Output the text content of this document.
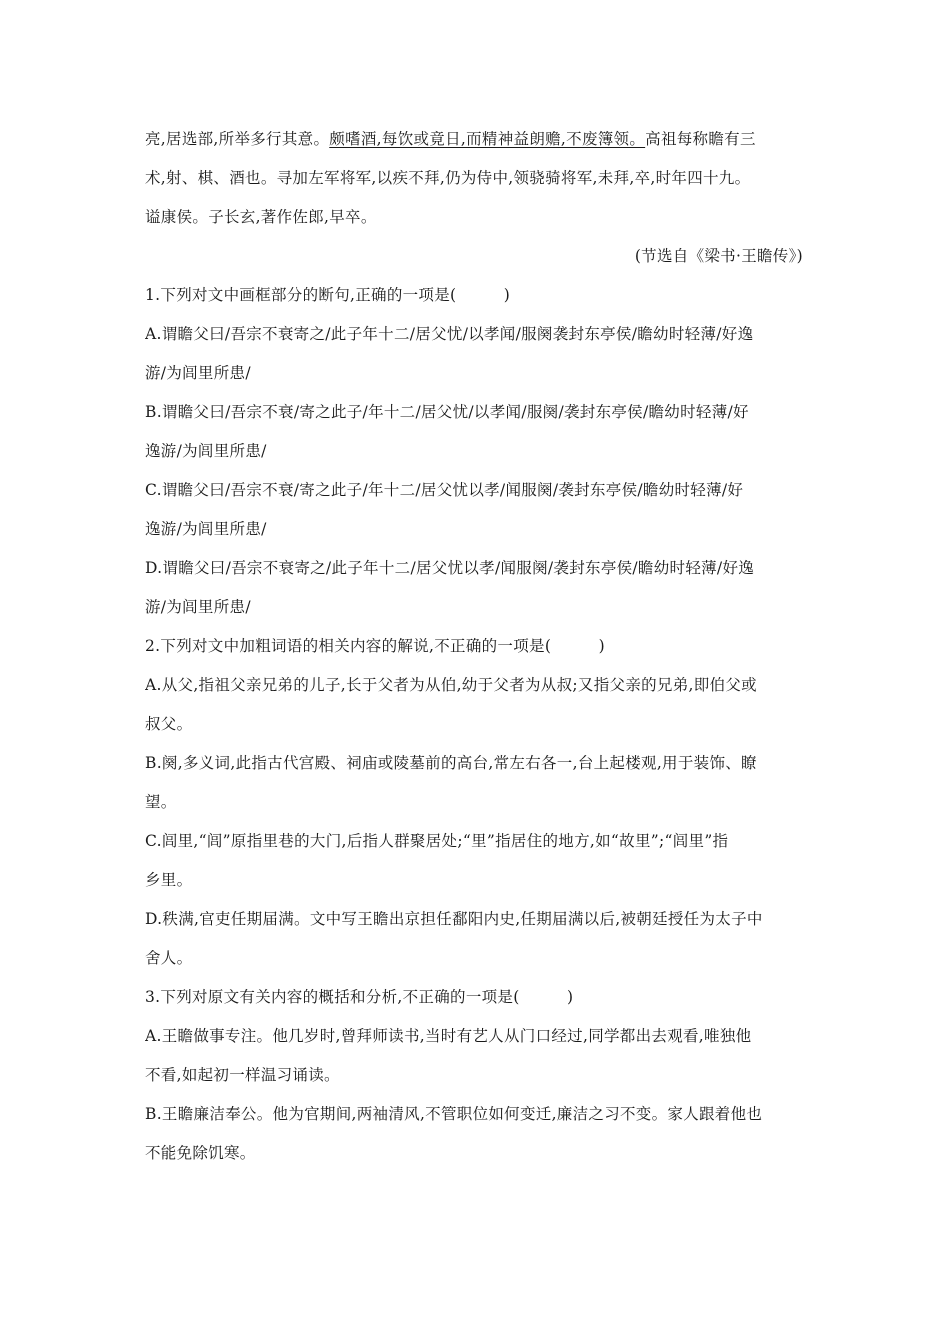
亮,居选部,所举多行其意。颇嗜酒,每饮或竟日,而精神益朗赡,不废簿领。高祖每称瞻有三
术,射、棋、酒也。寻加左军将军,以疾不拜,仍为侍中,领骁骑将军,未拜,卒,时年四十九。
谥康侯。子长玄,著作佐郎,早卒。
(节选自《梁书·王瞻传》)
1.下列对文中画框部分的断句,正确的一项是(　　　)
A.谓瞻父曰/吾宗不衰寄之/此子年十二/居父忧/以孝闻/服阕袭封东亭侯/瞻幼时轻薄/好逸
游/为闾里所患/
B.谓瞻父曰/吾宗不衰/寄之此子/年十二/居父忧/以孝闻/服阕/袭封东亭侯/瞻幼时轻薄/好
逸游/为闾里所患/
C.谓瞻父曰/吾宗不衰/寄之此子/年十二/居父忧以孝/闻服阕/袭封东亭侯/瞻幼时轻薄/好
逸游/为闾里所患/
D.谓瞻父曰/吾宗不衰寄之/此子年十二/居父忧以孝/闻服阕/袭封东亭侯/瞻幼时轻薄/好逸
游/为闾里所患/
2.下列对文中加粗词语的相关内容的解说,不正确的一项是(　　　)
A.从父,指祖父亲兄弟的儿子,长于父者为从伯,幼于父者为从叔;又指父亲的兄弟,即伯父或
叔父。
B.阕,多义词,此指古代宫殿、祠庙或陵墓前的高台,常左右各一,台上起楼观,用于装饰、瞭
望。
C.闾里,“闾”原指里巷的大门,后指人群聚居处;“里”指居住的地方,如“故里”;“闾里”指
乡里。
D.秩满,官吏任期届满。文中写王瞻出京担任鄱阳内史,任期届满以后,被朝廷授任为太子中
舍人。
3.下列对原文有关内容的概括和分析,不正确的一项是(　　　)
A.王瞻做事专注。他几岁时,曾拜师读书,当时有艺人从门口经过,同学都出去观看,唯独他
不看,如起初一样温习诵读。
B.王瞻廉洁奉公。他为官期间,两袖清风,不管职位如何变迁,廉洁之习不变。家人跟着他也
不能免除饥寒。
